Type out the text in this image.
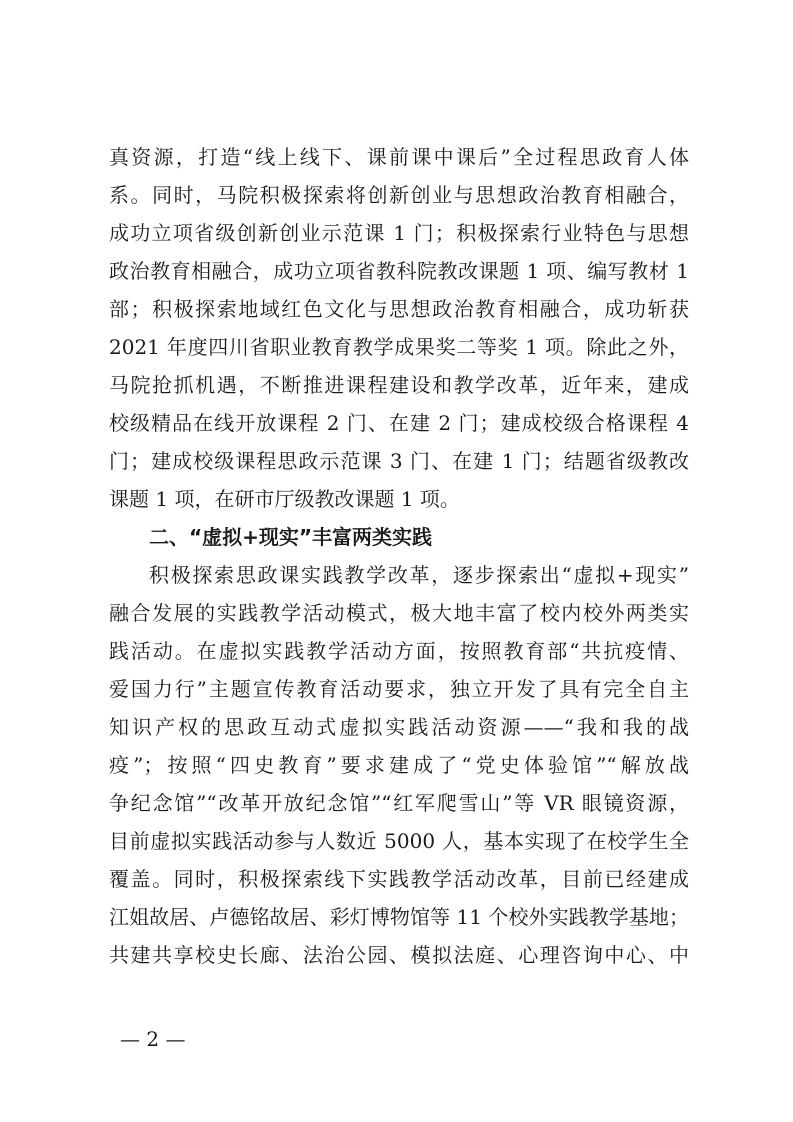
真资源，打造“线上线下、课前课中课后”全过程思政育人体
系。同时，马院积极探索将创新创业与思想政治教育相融合，
成功立项省级创新创业示范课 1 门；积极探索行业特色与思想
政治教育相融合，成功立项省教科院教改课题 1 项、编写教材 1
部；积极探索地域红色文化与思想政治教育相融合，成功斩获
2021 年度四川省职业教育教学成果奖二等奖 1 项。除此之外，
马院抢抓机遇，不断推进课程建设和教学改革，近年来，建成
校级精品在线开放课程 2 门、在建 2 门；建成校级合格课程 4
门；建成校级课程思政示范课 3 门、在建 1 门；结题省级教改
课题 1 项，在研市厅级教改课题 1 项。
二、“虚拟+现实”丰富两类实践
积极探索思政课实践教学改革，逐步探索出“虚拟+现实”
融合发展的实践教学活动模式，极大地丰富了校内校外两类实
践活动。在虚拟实践教学活动方面，按照教育部“共抗疫情、
爱国力行”主题宣传教育活动要求，独立开发了具有完全自主
知识产权的思政互动式虚拟实践活动资源——“我和我的战
疫”；按照“四史教育”要求建成了“党史体验馆”“解放战
争纪念馆”“改革开放纪念馆”“红军爬雪山”等 VR 眼镜资源，
目前虚拟实践活动参与人数近 5000 人，基本实现了在校学生全
覆盖。同时，积极探索线下实践教学活动改革，目前已经建成
江姐故居、卢德铭故居、彩灯博物馆等 11 个校外实践教学基地；
共建共享校史长廊、法治公园、模拟法庭、心理咨询中心、中
— 2 —
